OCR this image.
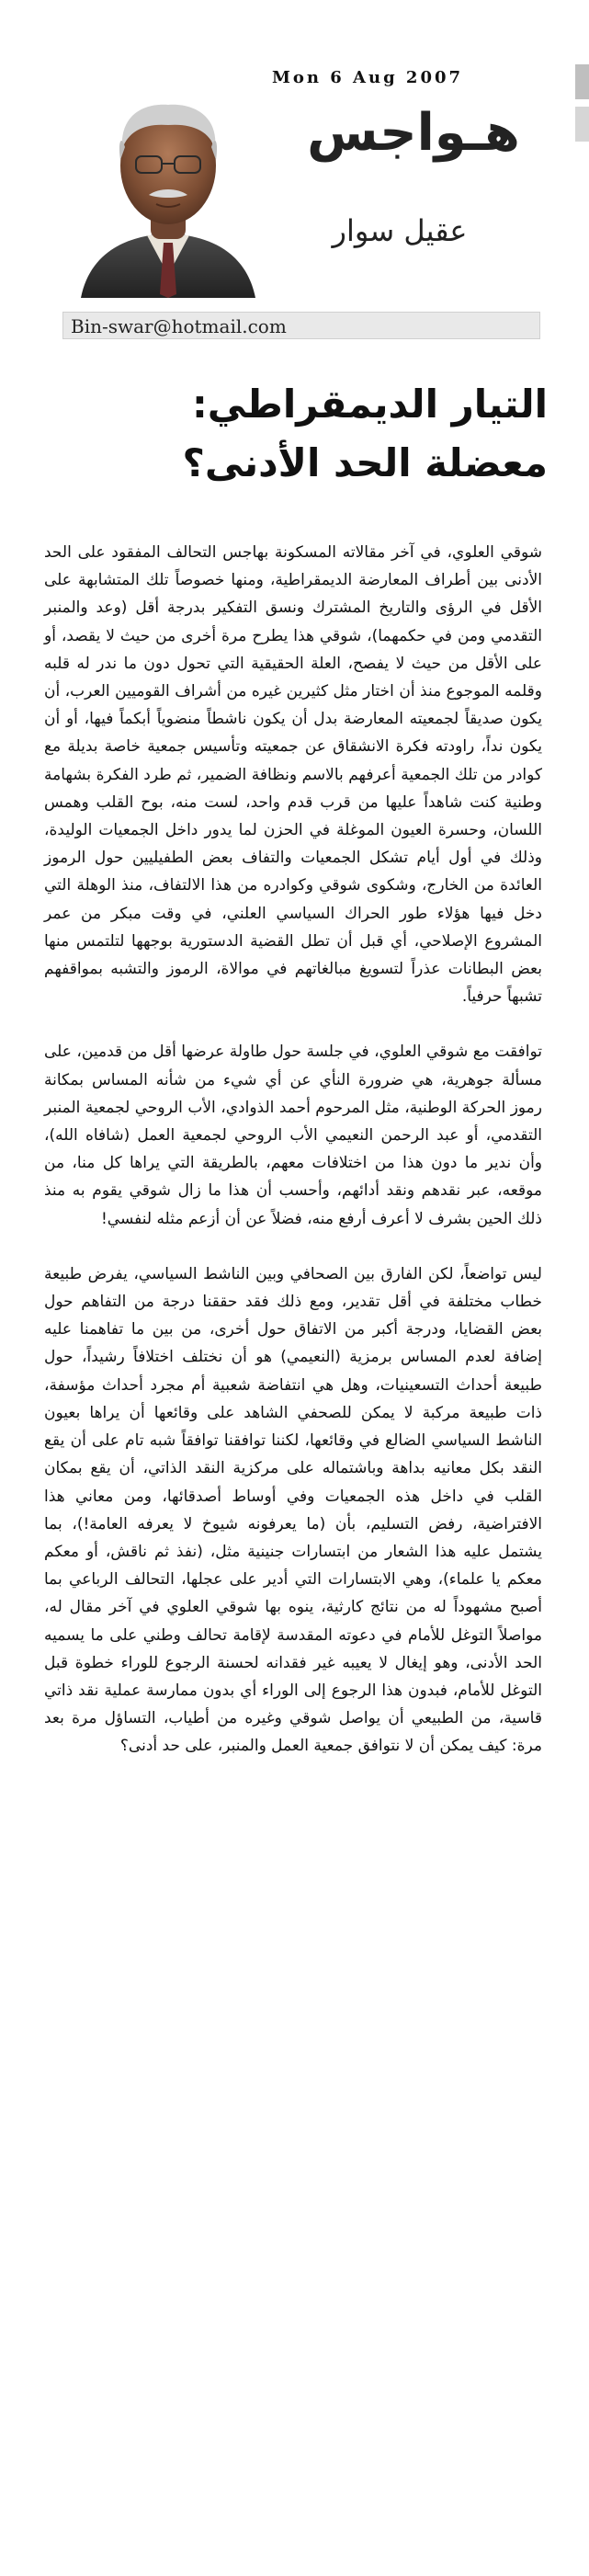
Mon 6 Aug 2007
هـواجس
عقيل سوار
Bin-swar@hotmail.com
التيار الديمقراطي:
معضلة الحد الأدنى؟

شوقي العلوي، في آخر مقالاته المسكونة بهاجس التحالف المفقود على الحد الأدنى بين أطراف المعارضة الديمقراطية، ومنها خصوصاً تلك المتشابهة على الأقل في الرؤى والتاريخ المشترك ونسق التفكير بدرجة أقل (وعد والمنبر التقدمي ومن في حكمهما)، شوقي هذا يطرح مرة أخرى من حيث لا يقصد، أو على الأقل من حيث لا يفصح، العلة الحقيقية التي تحول دون ما ندر له قلبه وقلمه الموجوع منذ أن اختار مثل كثيرين غيره من أشراف القوميين العرب، أن يكون صديقاً لجمعيته المعارضة بدل أن يكون ناشطاً منضوياً أبكماً فيها، أو أن يكون نداً، راودته فكرة الانشقاق عن جمعيته وتأسيس جمعية خاصة بديلة مع كوادر من تلك الجمعية أعرفهم بالاسم ونظافة الضمير، ثم طرد الفكرة بشهامة وطنية كنت شاهداً عليها من قرب قدم واحد، لست منه، بوح القلب وهمس اللسان، وحسرة العيون الموغلة في الحزن لما يدور داخل الجمعيات الوليدة، وذلك في أول أيام تشكل الجمعيات والتفاف بعض الطفيليين حول الرموز العائدة من الخارج، وشكوى شوقي وكوادره من هذا الالتفاف، منذ الوهلة التي دخل فيها هؤلاء طور الحراك السياسي العلني، في وقت مبكر من عمر المشروع الإصلاحي، أي قبل أن تطل القضية الدستورية بوجهها لتلتمس منها بعض البطانات عذراً لتسويغ مبالغاتهم في موالاة، الرموز والتشبه بمواقفهم تشبهاً حرفياً.

توافقت مع شوقي العلوي، في جلسة حول طاولة عرضها أقل من قدمين، على مسألة جوهرية، هي ضرورة النأي عن أي شيء من شأنه المساس بمكانة رموز الحركة الوطنية، مثل المرحوم أحمد الذوادي، الأب الروحي لجمعية المنبر التقدمي، أو عبد الرحمن النعيمي الأب الروحي لجمعية العمل (شافاه الله)، وأن ندير ما دون هذا من اختلافات معهم، بالطريقة التي يراها كل منا، من موقعه، عبر نقدهم ونقد أدائهم، وأحسب أن هذا ما زال شوقي يقوم به منذ ذلك الحين بشرف لا أعرف أرفع منه، فضلاً عن أن أزعم مثله لنفسي!

ليس تواضعاً، لكن الفارق بين الصحافي وبين الناشط السياسي، يفرض طبيعة خطاب مختلفة في أقل تقدير، ومع ذلك فقد حققنا درجة من التفاهم حول بعض القضايا، ودرجة أكبر من الاتفاق حول أخرى، من بين ما تفاهمنا عليه إضافة لعدم المساس برمزية (النعيمي) هو أن نختلف اختلافاً رشيداً، حول طبيعة أحداث التسعينيات، وهل هي انتفاضة شعبية أم مجرد أحداث مؤسفة، ذات طبيعة مركبة لا يمكن للصحفي الشاهد على وقائعها أن يراها بعيون الناشط السياسي الضالع في وقائعها، لكننا توافقنا توافقاً شبه تام على أن يقع النقد بكل معانيه بداهة وباشتماله على مركزية النقد الذاتي، أن يقع بمكان القلب في داخل هذه الجمعيات وفي أوساط أصدقائها، ومن معاني هذا الافتراضية، رفض التسليم، بأن (ما يعرفونه شيوخ لا يعرفه العامة!)، بما يشتمل عليه هذا الشعار من ابتسارات جنينية مثل، (نفذ ثم ناقش، أو معكم معكم يا علماء)، وهي الابتسارات التي أدير على عجلها، التحالف الرباعي بما أصبح مشهوداً له من نتائج كارثية، ينوه بها شوقي العلوي في آخر مقال له، مواصلاً التوغل للأمام في دعوته المقدسة لإقامة تحالف وطني على ما يسميه الحد الأدنى، وهو إيغال لا يعيبه غير فقدانه لحسنة الرجوع للوراء خطوة قبل التوغل للأمام، فبدون هذا الرجوع إلى الوراء أي بدون ممارسة عملية نقد ذاتي قاسية، من الطبيعي أن يواصل شوقي وغيره من أطياب، التساؤل مرة بعد مرة: كيف يمكن أن لا نتوافق جمعية العمل والمنبر، على حد أدنى؟
